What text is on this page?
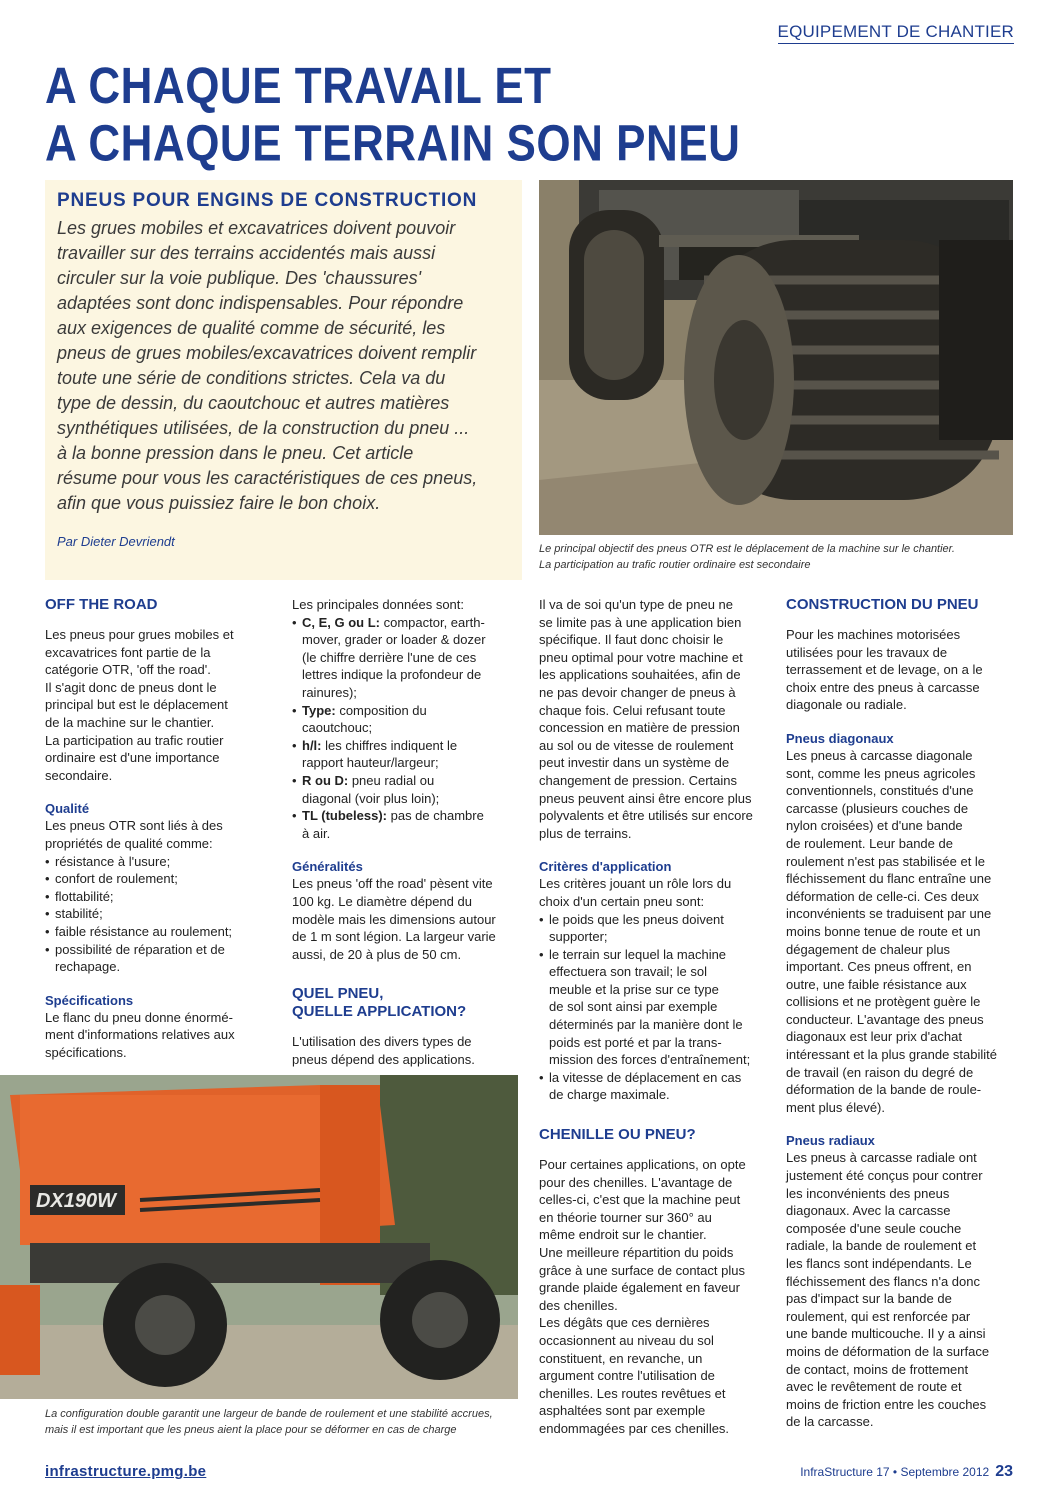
EQUIPEMENT DE CHANTIER
A CHAQUE TRAVAIL ET
A CHAQUE TERRAIN SON PNEU
PNEUS POUR ENGINS DE CONSTRUCTION
Les grues mobiles et excavatrices doivent pouvoir
travailler sur des terrains accidentés mais aussi
circuler sur la voie publique. Des 'chaussures'
adaptées sont donc indispensables. Pour répondre
aux exigences de qualité comme de sécurité, les
pneus de grues mobiles/excavatrices doivent remplir
toute une série de conditions strictes. Cela va du
type de dessin, du caoutchouc et autres matières
synthétiques utilisées, de la construction du pneu ...
à la bonne pression dans le pneu. Cet article
résume pour vous les caractéristiques de ces pneus,
afin que vous puissiez faire le bon choix.
Par Dieter Devriendt	Le principal objectif des pneus OTR est le déplacement de la machine sur le chantier.
La participation au trafic routier ordinaire est secondaire
OFF THE ROAD
Les pneus pour grues mobiles et
excavatrices font partie de la
catégorie OTR, 'off the road'.
Il s'agit donc de pneus dont le
principal but est le déplacement
de la machine sur le chantier.
La participation au trafic routier
ordinaire est d'une importance
secondaire.
Qualité
Les pneus OTR sont liés à des
propriétés de qualité comme:
• résistance à l'usure;
• confort de roulement;
• flottabilité;
• stabilité;
• faible résistance au roulement;
• possibilité de réparation et de
rechapage.
Spécifications
Le flanc du pneu donne énormé-
ment d'informations relatives aux
spécifications.
Les principales données sont:
• C, E, G ou L: compactor, earth-
mover, grader or loader & dozer
(le chiffre derrière l'une de ces
lettres indique la profondeur de
rainures);
• Type: composition du
caoutchouc;
• h/l: les chiffres indiquent le
rapport hauteur/largeur;
• R ou D: pneu radial ou
diagonal (voir plus loin);
• TL (tubeless): pas de chambre
à air.
Généralités
Les pneus 'off the road' pèsent vite
100 kg. Le diamètre dépend du
modèle mais les dimensions autour
de 1 m sont légion. La largeur varie
aussi, de 20 à plus de 50 cm.
QUEL PNEU,
QUELLE APPLICATION?
L'utilisation des divers types de
pneus dépend des applications.
Il va de soi qu'un type de pneu ne
se limite pas à une application bien
spécifique. Il faut donc choisir le
pneu optimal pour votre machine et
les applications souhaitées, afin de
ne pas devoir changer de pneus à
chaque fois. Celui refusant toute
concession en matière de pression
au sol ou de vitesse de roulement
peut investir dans un système de
changement de pression. Certains
pneus peuvent ainsi être encore plus
polyvalents et être utilisés sur encore
plus de terrains.
Critères d'application
Les critères jouant un rôle lors du
choix d'un certain pneu sont:
• le poids que les pneus doivent
supporter;
• le terrain sur lequel la machine
effectuera son travail; le sol
meuble et la prise sur ce type
de sol sont ainsi par exemple
déterminés par la manière dont le
poids est porté et par la trans-
mission des forces d'entraînement;
• la vitesse de déplacement en cas
de charge maximale.
CHENILLE OU PNEU?
Pour certaines applications, on opte
pour des chenilles. L'avantage de
celles-ci, c'est que la machine peut
en théorie tourner sur 360° au
même endroit sur le chantier.
Une meilleure répartition du poids
grâce à une surface de contact plus
grande plaide également en faveur
des chenilles.
Les dégâts que ces dernières
occasionnent au niveau du sol
constituent, en revanche, un
argument contre l'utilisation de
chenilles. Les routes revêtues et
asphaltées sont par exemple
endommagées par ces chenilles.
CONSTRUCTION DU PNEU
Pour les machines motorisées
utilisées pour les travaux de
terrassement et de levage, on a le
choix entre des pneus à carcasse
diagonale ou radiale.
Pneus diagonaux
Les pneus à carcasse diagonale
sont, comme les pneus agricoles
conventionnels, constitués d'une
carcasse (plusieurs couches de
nylon croisées) et d'une bande
de roulement. Leur bande de
roulement n'est pas stabilisée et le
fléchissement du flanc entraîne une
déformation de celle-ci. Ces deux
inconvénients se traduisent par une
moins bonne tenue de route et un
dégagement de chaleur plus
important. Ces pneus offrent, en
outre, une faible résistance aux
collisions et ne protègent guère le
conducteur. L'avantage des pneus
diagonaux est leur prix d'achat
intéressant et la plus grande stabilité
de travail (en raison du degré de
déformation de la bande de roule-
ment plus élevé).
Pneus radiaux
Les pneus à carcasse radiale ont
justement été conçus pour contrer
les inconvénients des pneus
diagonaux. Avec la carcasse
composée d'une seule couche
radiale, la bande de roulement et
les flancs sont indépendants. Le
fléchissement des flancs n'a donc
pas d'impact sur la bande de
roulement, qui est renforcée par
une bande multicouche. Il y a ainsi
moins de déformation de la surface
de contact, moins de frottement
avec le revêtement de route et
moins de friction entre les couches
de la carcasse.
DX190W
La configuration double garantit une largeur de bande de roulement et une stabilité accrues,
mais il est important que les pneus aient la place pour se déformer en cas de charge
infrastructure.pmg.be	InfraStructure 17 • Septembre 2012 23
